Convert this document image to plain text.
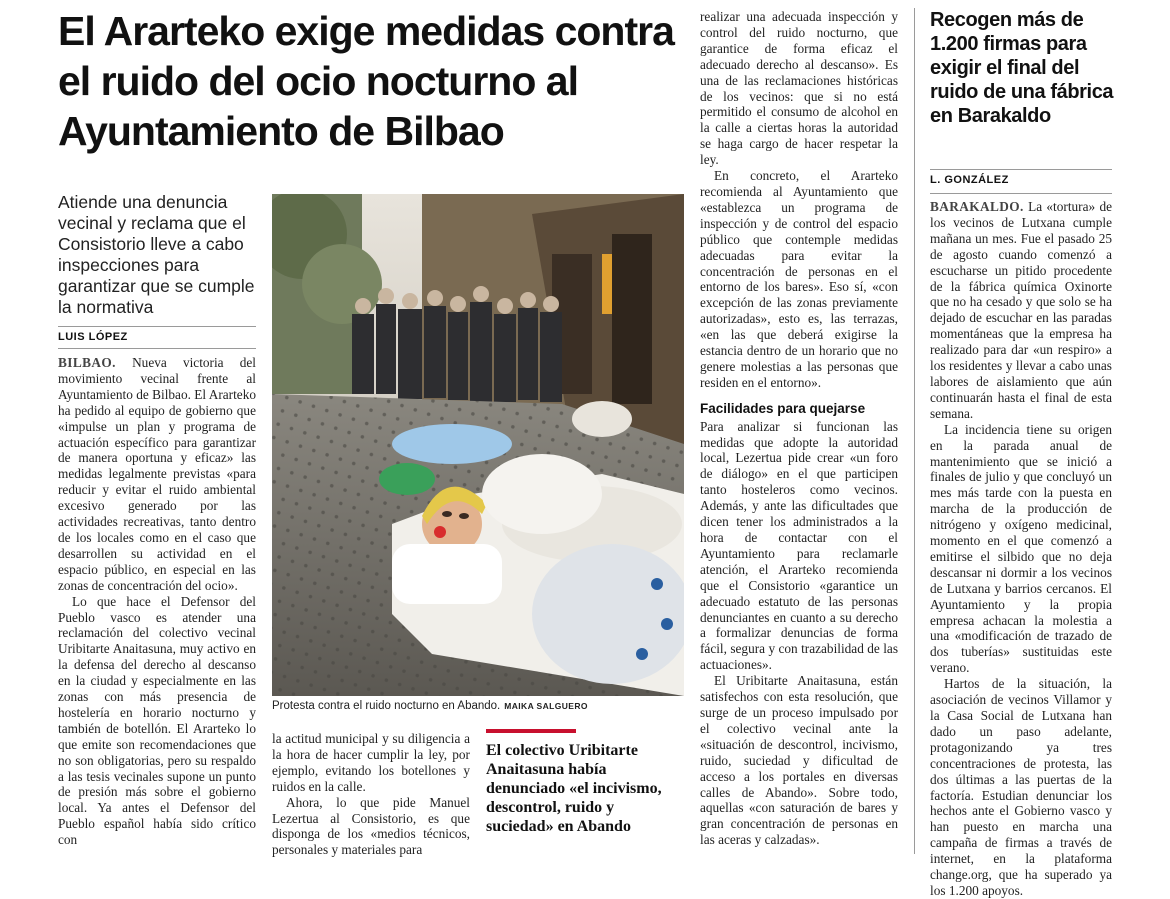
El Ararteko exige medidas contra el ruido del ocio nocturno al Ayuntamiento de Bilbao
Atiende una denuncia vecinal y reclama que el Consistorio lleve a cabo inspecciones para garantizar que se cumple la normativa
LUIS LÓPEZ

BILBAO. Nueva victoria del movimiento vecinal frente al Ayuntamiento de Bilbao. El Ararteko ha pedido al equipo de gobierno que «impulse un plan y programa de actuación específico para garantizar de manera oportuna y eficaz» las medidas legalmente previstas «para reducir y evitar el ruido ambiental excesivo generado por las actividades recreativas, tanto dentro de los locales como en el caso que desarrollen su actividad en el espacio público, en especial en las zonas de concentración del ocio».

Lo que hace el Defensor del Pueblo vasco es atender una reclamación del colectivo vecinal Uribitarte Anaitasuna, muy activo en la defensa del derecho al descanso en la ciudad y especialmente en las zonas con más presencia de hostelería en horario nocturno y también de botellón. El Ararteko lo que emite son recomendaciones que no son obligatorias, pero su respaldo a las tesis vecinales supone un punto de presión más sobre el gobierno local. Ya antes el Defensor del Pueblo español había sido crítico con

Protesta contra el ruido nocturno en Abando. MAIKA SALGUERO

la actitud municipal y su diligencia a la hora de hacer cumplir la ley, por ejemplo, evitando los botellones y ruidos en la calle.

Ahora, lo que pide Manuel Lezertua al Consistorio, es que disponga de los «medios técnicos, personales y materiales para

El colectivo Uribitarte Anaitasuna había denunciado «el incivismo, descontrol, ruido y suciedad» en Abando

realizar una adecuada inspección y control del ruido nocturno, que garantice de forma eficaz el adecuado derecho al descanso». Es una de las reclamaciones históricas de los vecinos: que si no está permitido el consumo de alcohol en la calle a ciertas horas la autoridad se haga cargo de hacer respetar la ley.

En concreto, el Ararteko recomienda al Ayuntamiento que «establezca un programa de inspección y de control del espacio público que contemple medidas adecuadas para evitar la concentración de personas en el entorno de los bares». Eso sí, «con excepción de las zonas previamente autorizadas», esto es, las terrazas, «en las que deberá exigirse la estancia dentro de un horario que no genere molestias a las personas que residen en el entorno».

Facilidades para quejarse

Para analizar si funcionan las medidas que adopte la autoridad local, Lezertua pide crear «un foro de diálogo» en el que participen tanto hosteleros como vecinos. Además, y ante las dificultades que dicen tener los administrados a la hora de contactar con el Ayuntamiento para reclamarle atención, el Ararteko recomienda que el Consistorio «garantice un adecuado estatuto de las personas denunciantes en cuanto a su derecho a formalizar denuncias de forma fácil, segura y con trazabilidad de las actuaciones».

El Uribitarte Anaitasuna, están satisfechos con esta resolución, que surge de un proceso impulsado por el colectivo vecinal ante la «situación de descontrol, incivismo, ruido, suciedad y dificultad de acceso a los portales en diversas calles de Abando». Sobre todo, aquellas «con saturación de bares y gran concentración de personas en las aceras y calzadas».

Recogen más de 1.200 firmas para exigir el final del ruido de una fábrica en Barakaldo
L. GONZÁLEZ

BARAKALDO. La «tortura» de los vecinos de Lutxana cumple mañana un mes. Fue el pasado 25 de agosto cuando comenzó a escucharse un pitido procedente de la fábrica química Oxinorte que no ha cesado y que solo se ha dejado de escuchar en las paradas momentáneas que la empresa ha realizado para dar «un respiro» a los residentes y llevar a cabo unas labores de aislamiento que aún continuarán hasta el final de esta semana.

La incidencia tiene su origen en la parada anual de mantenimiento que se inició a finales de julio y que concluyó un mes más tarde con la puesta en marcha de la producción de nitrógeno y oxígeno medicinal, momento en el que comenzó a emitirse el silbido que no deja descansar ni dormir a los vecinos de Lutxana y barrios cercanos. El Ayuntamiento y la propia empresa achacan la molestia a una «modificación de trazado de dos tuberías» sustituidas este verano.

Hartos de la situación, la asociación de vecinos Villamor y la Casa Social de Lutxana han dado un paso adelante, protagonizando ya tres concentraciones de protesta, las dos últimas a las puertas de la factoría. Estudian denunciar los hechos ante el Gobierno vasco y han puesto en marcha una campaña de firmas a través de internet, en la plataforma change.org, que ha superado ya los 1.200 apoyos.
